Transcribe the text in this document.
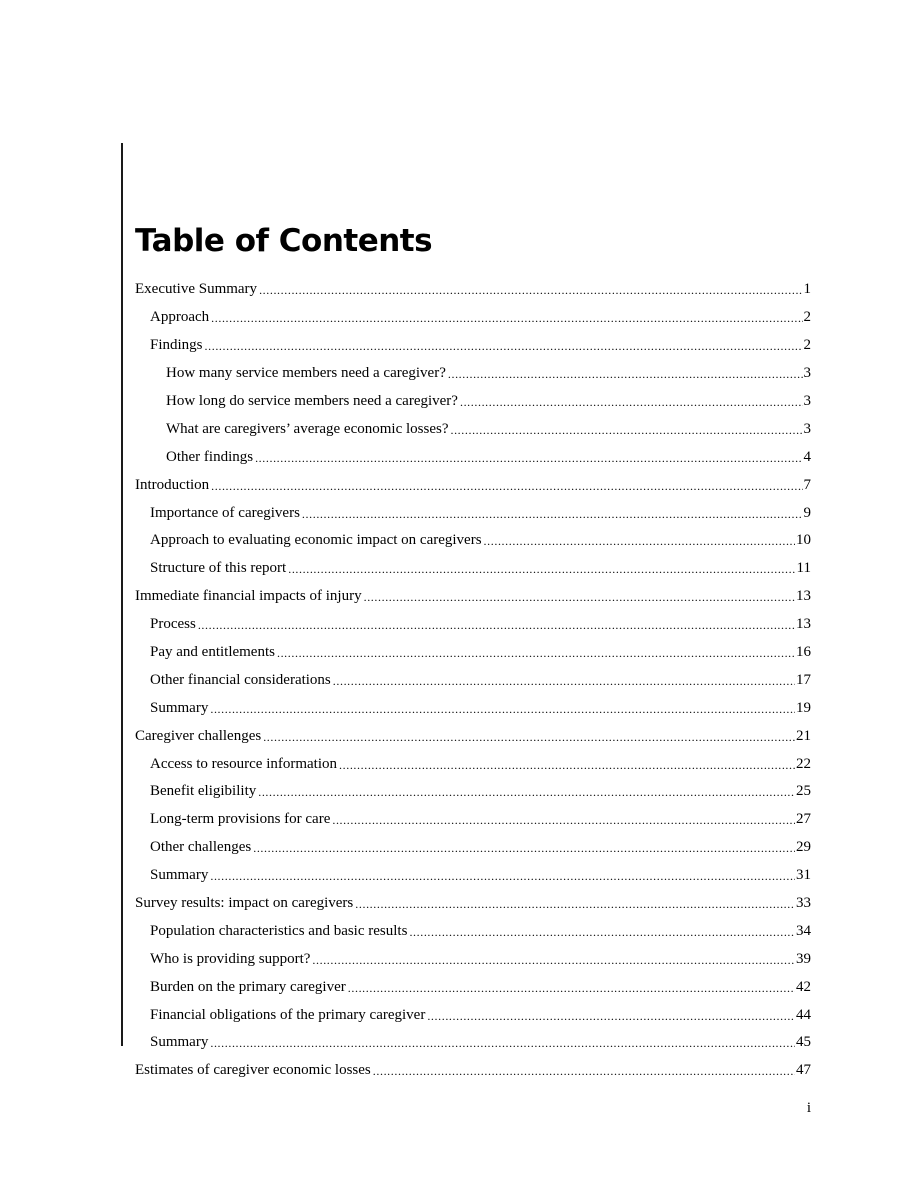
Table of Contents
Executive Summary .....	1
Approach .....	2
Findings .....	2
How many service members need a caregiver? .....	3
How long do service members need a caregiver? .....	3
What are caregivers’ average economic losses? .....	3
Other findings .....	4
Introduction .....	7
Importance of caregivers .....	9
Approach to evaluating economic impact on caregivers .....	10
Structure of this report .....	11
Immediate financial impacts of injury .....	13
Process .....	13
Pay and entitlements .....	16
Other financial considerations .....	17
Summary .....	19
Caregiver challenges .....	21
Access to resource information .....	22
Benefit eligibility .....	25
Long-term provisions for care .....	27
Other challenges .....	29
Summary .....	31
Survey results: impact on caregivers .....	33
Population characteristics and basic results .....	34
Who is providing support? .....	39
Burden on the primary caregiver .....	42
Financial obligations of the primary caregiver .....	44
Summary .....	45
Estimates of caregiver economic losses .....	47
i
